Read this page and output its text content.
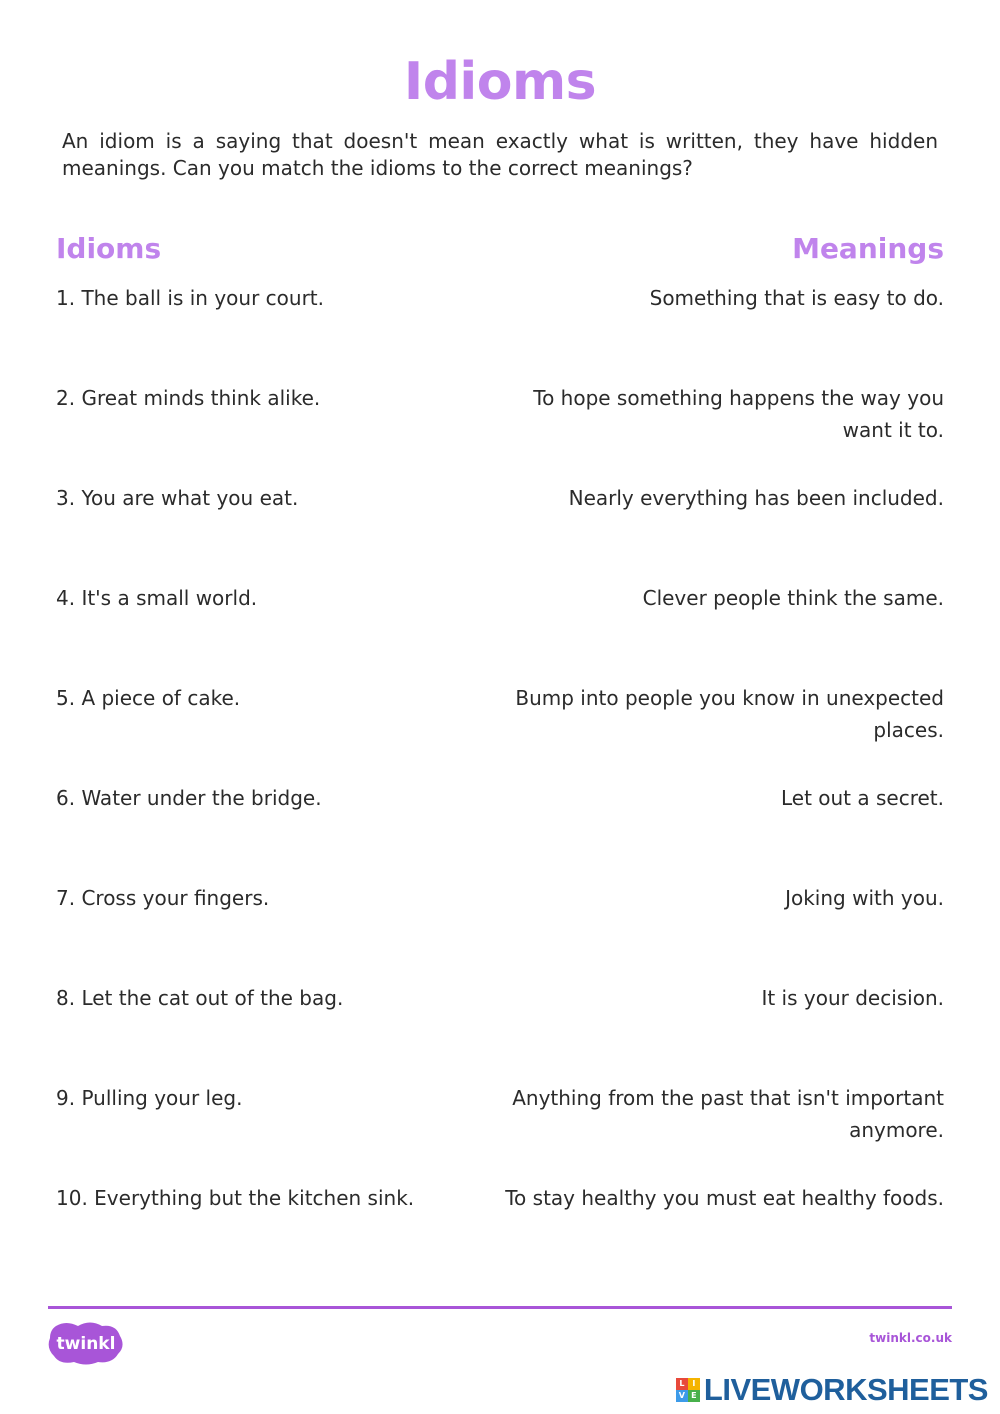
Idioms
An idiom is a saying that doesn't mean exactly what is written, they have hidden meanings. Can you match the idioms to the correct meanings?
Idioms	Meanings
1. The ball is in your court.	Something that is easy to do.
2. Great minds think alike.	To hope something happens the way you want it to.
3. You are what you eat.	Nearly everything has been included.
4. It's a small world.	Clever people think the same.
5. A piece of cake.	Bump into people you know in unexpected places.
6. Water under the bridge.	Let out a secret.
7. Cross your fingers.	Joking with you.
8. Let the cat out of the bag.	It is your decision.
9. Pulling your leg.	Anything from the past that isn't important anymore.
10. Everything but the kitchen sink.	To stay healthy you must eat healthy foods.
twinkl	twinkl.co.uk
L I
V E LIVEWORKSHEETS
